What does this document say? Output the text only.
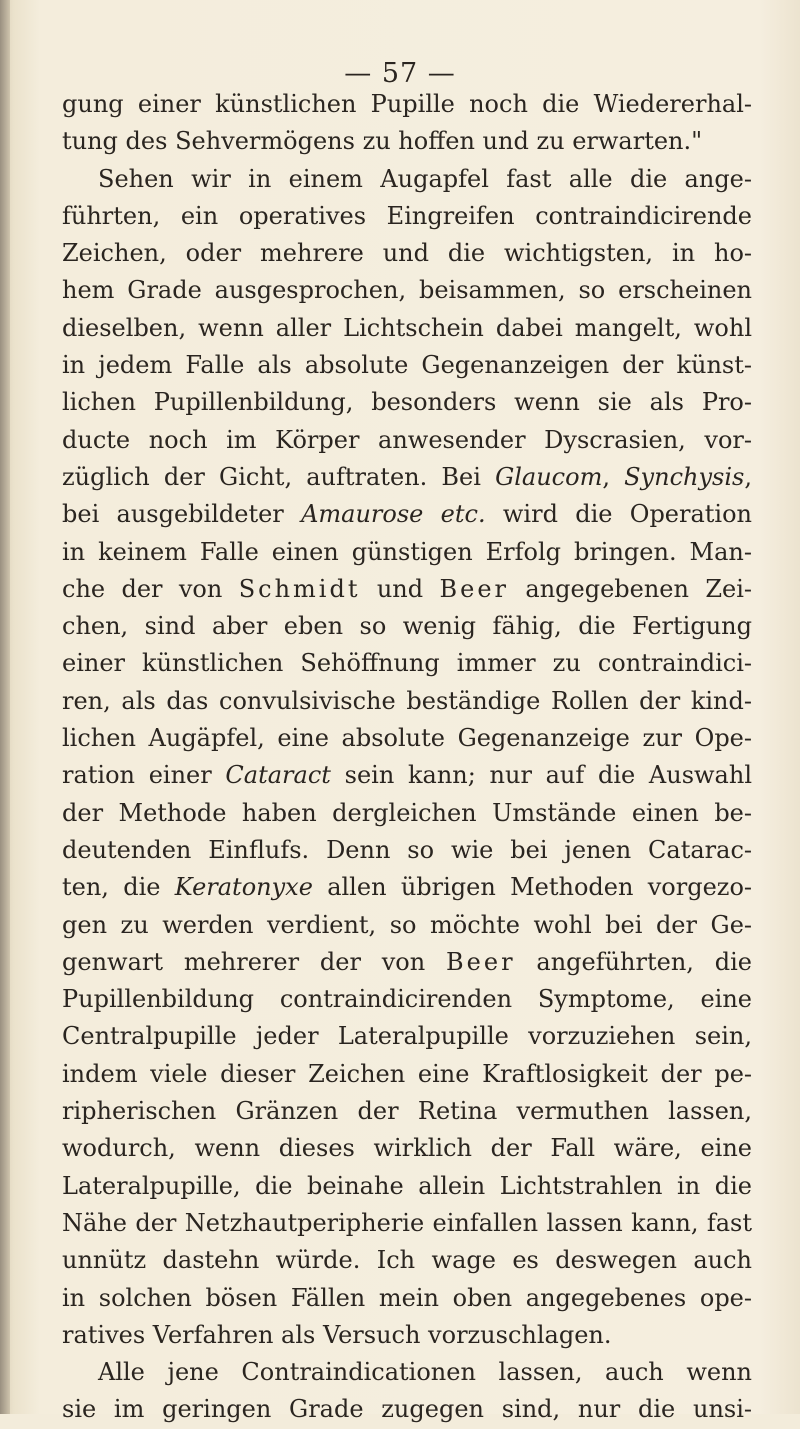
— 57 —
gung einer künstlichen Pupille noch die Wiedererhal-
tung des Sehvermögens zu hoffen und zu erwarten."
Sehen wir in einem Augapfel fast alle die ange-
führten, ein operatives Eingreifen contraindicirende
Zeichen, oder mehrere und die wichtigsten, in ho-
hem Grade ausgesprochen, beisammen, so erscheinen
dieselben, wenn aller Lichtschein dabei mangelt, wohl
in jedem Falle als absolute Gegenanzeigen der künst-
lichen Pupillenbildung, besonders wenn sie als Pro-
ducte noch im Körper anwesender Dyscrasien, vor-
züglich der Gicht, auftraten. Bei Glaucom, Synchysis,
bei ausgebildeter Amaurose etc. wird die Operation
in keinem Falle einen günstigen Erfolg bringen. Man-
che der von Schmidt und Beer angegebenen Zei-
chen, sind aber eben so wenig fähig, die Fertigung
einer künstlichen Sehöffnung immer zu contraindici-
ren, als das convulsivische beständige Rollen der kind-
lichen Augäpfel, eine absolute Gegenanzeige zur Ope-
ration einer Cataract sein kann; nur auf die Auswahl
der Methode haben dergleichen Umstände einen be-
deutenden Einflufs. Denn so wie bei jenen Catarac-
ten, die Keratonyxe allen übrigen Methoden vorgezo-
gen zu werden verdient, so möchte wohl bei der Ge-
genwart mehrerer der von Beer angeführten, die
Pupillenbildung contraindicirenden Symptome, eine
Centralpupille jeder Lateralpupille vorzuziehen sein,
indem viele dieser Zeichen eine Kraftlosigkeit der pe-
ripherischen Gränzen der Retina vermuthen lassen,
wodurch, wenn dieses wirklich der Fall wäre, eine
Lateralpupille, die beinahe allein Lichtstrahlen in die
Nähe der Netzhautperipherie einfallen lassen kann, fast
unnütz dastehn würde. Ich wage es deswegen auch
in solchen bösen Fällen mein oben angegebenes ope-
ratives Verfahren als Versuch vorzuschlagen.
Alle jene Contraindicationen lassen, auch wenn
sie im geringen Grade zugegen sind, nur die unsi-
